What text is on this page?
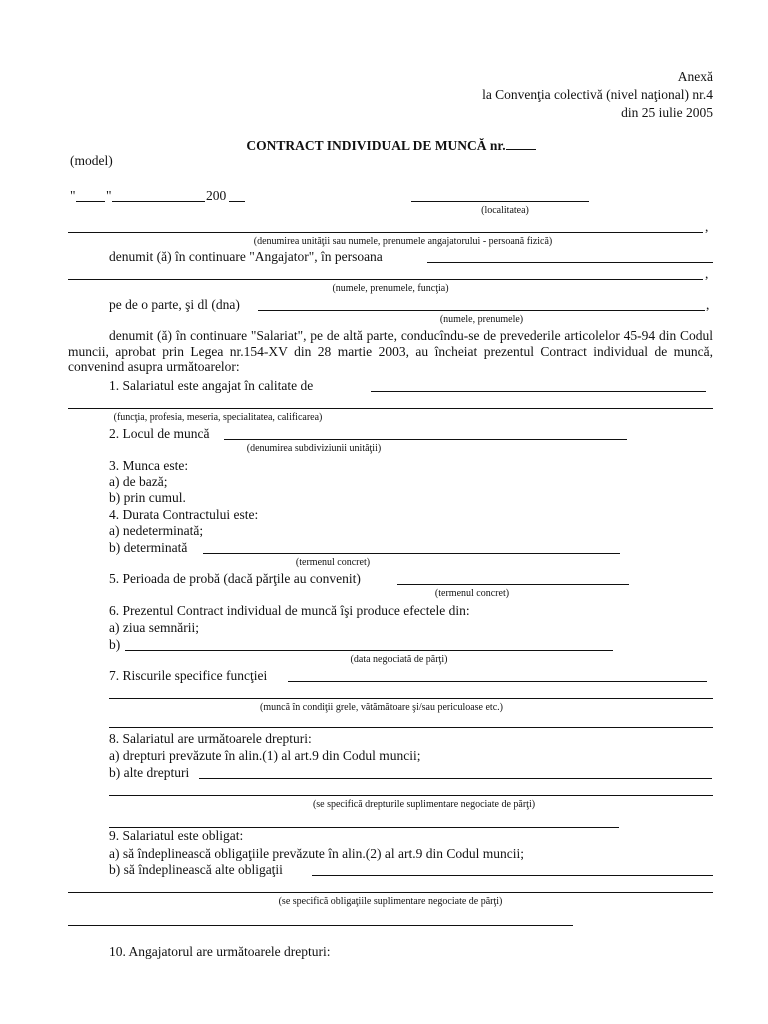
Anexă
la Convenţia colectivă (nivel naţional) nr.4
din 25 iulie 2005
CONTRACT INDIVIDUAL DE MUNCĂ nr.
(model)
" "	200
(localitatea)
,
(denumirea unităţii sau numele, prenumele angajatorului - persoană fizică)
denumit (ă) în continuare "Angajator", în persoana
,
(numele, prenumele, funcţia)
pe de o parte, şi dl (dna)	,
(numele, prenumele)
denumit (ă) în continuare "Salariat", pe de altă parte, conducîndu-se de prevederile articolelor 45-94 din Codul muncii, aprobat prin Legea nr.154-XV din 28 martie 2003, au încheiat prezentul Contract individual de muncă, convenind asupra următoarelor:
1. Salariatul este angajat în calitate de
(funcţia, profesia, meseria, specialitatea, calificarea)
2. Locul de muncă
(denumirea subdiviziunii unităţii)
3. Munca este:
a) de bază;
b) prin cumul.
4. Durata Contractului este:
a) nedeterminată;
b) determinată
(termenul concret)
5. Perioada de probă (dacă părţile au convenit)
(termenul concret)
6. Prezentul Contract individual de muncă îşi produce efectele din:
a) ziua semnării;
b)
(data negociată de părţi)
7. Riscurile specifice funcţiei
(muncă în condiţii grele, vătămătoare şi/sau periculoase etc.)
8. Salariatul are următoarele drepturi:
a) drepturi prevăzute în alin.(1) al art.9 din Codul muncii;
b) alte drepturi
(se specifică drepturile suplimentare negociate de părţi)
9. Salariatul este obligat:
a) să îndeplinească obligaţiile prevăzute în alin.(2) al art.9 din Codul muncii;
b) să îndeplinească alte obligaţii
(se specifică obligaţiile suplimentare negociate de părţi)
10. Angajatorul are următoarele drepturi:
